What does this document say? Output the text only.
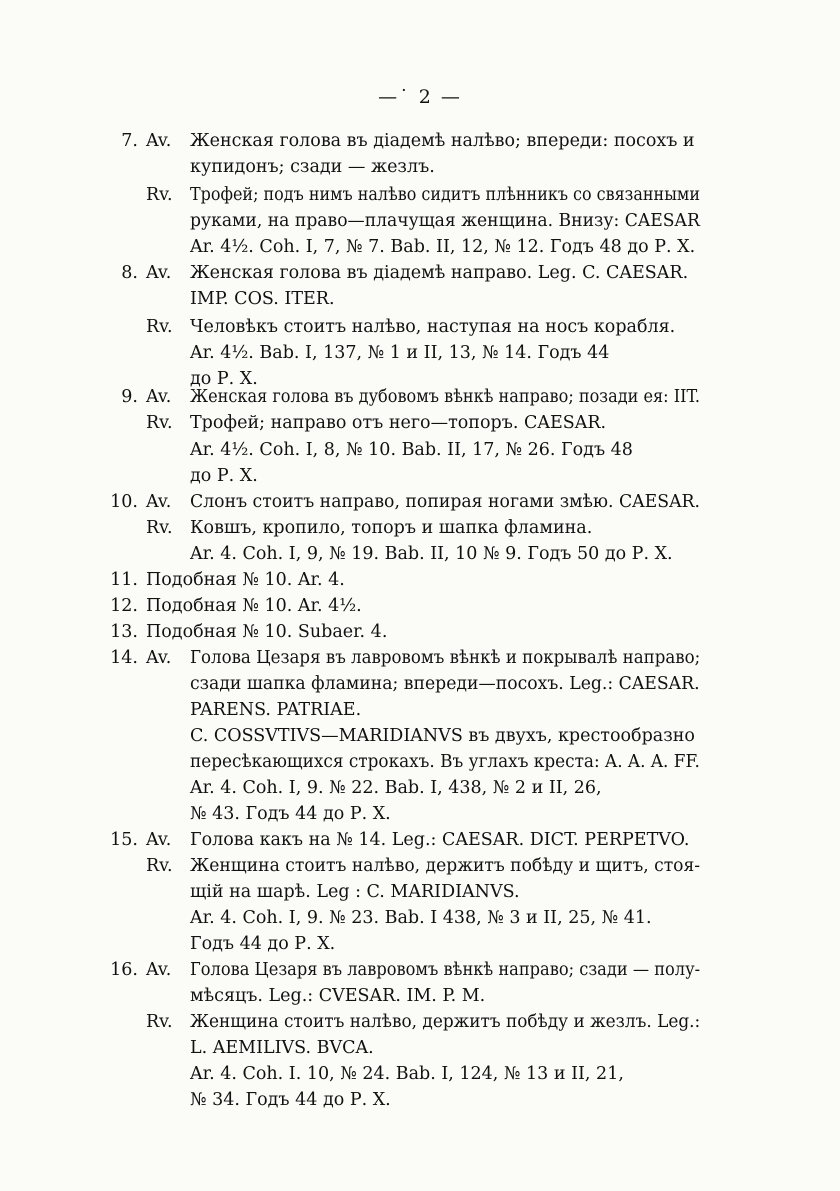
—˙ 2 —
7. Av. Женская голова въ діадемѣ налѣво; впереди: посохъ и
купидонъ; сзади — жезлъ.
Rv. Трофей; подъ нимъ налѣво сидитъ плѣнникъ со связанными
руками, на право—плачущая женщина. Внизу: CAESAR
Ar. 4½. Coh. I, 7, № 7. Bab. II, 12, № 12. Годъ 48 до Р. X.
8. Av. Женская голова въ діадемѣ направо. Leg. C. CAESAR.
IMP. COS. ITER.
Rv. Человѣкъ стоитъ налѣво, наступая на носъ корабля.
Ar. 4½. Bab. I, 137, № 1 и II, 13, № 14. Годъ 44
до Р. X.
9. Av. Женская голова въ дубовомъ вѣнкѣ направо; позади ея: IIT.
Rv. Трофей; направо отъ него—топоръ. CAESAR.
Ar. 4½. Coh. I, 8, № 10. Bab. II, 17, № 26. Годъ 48
до Р. X.
10. Av. Слонъ стоитъ направо, попирая ногами змѣю. CAESAR.
Rv. Ковшъ, кропило, топоръ и шапка фламина.
Ar. 4. Coh. I, 9, № 19. Bab. II, 10 № 9. Годъ 50 до Р. X.
11. Подобная № 10. Ar. 4.
12. Подобная № 10. Ar. 4½.
13. Подобная № 10. Subaer. 4.
14. Av. Голова Цезаря въ лавровомъ вѣнкѣ и покрывалѣ направо;
сзади шапка фламина; впереди—посохъ. Leg.: CAESAR.
PARENS. PATRIAE.
C. COSSVTIVS—MARIDIANVS въ двухъ, крестообразно
пересѣкающихся строкахъ. Въ углахъ креста: A. A. A. FF.
Ar. 4. Coh. I, 9. № 22. Bab. I, 438, № 2 и II, 26,
№ 43. Годъ 44 до Р. X.
15. Av. Голова какъ на № 14. Leg.: CAESAR. DICT. PERPETVO.
Rv. Женщина стоитъ налѣво, держитъ побѣду и щитъ, стоя-
щій на шарѣ. Leg : C. MARIDIANVS.
Ar. 4. Coh. I, 9. № 23. Bab. I 438, № 3 и II, 25, № 41.
Годъ 44 до Р. X.
16. Av. Голова Цезаря въ лавровомъ вѣнкѣ направо; сзади — полу-
мѣсяцъ. Leg.: CVESAR. IM. P. M.
Rv. Женщина стоитъ налѣво, держитъ побѣду и жезлъ. Leg.:
L. AEMILIVS. BVCA.
Ar. 4. Coh. I. 10, № 24. Bab. I, 124, № 13 и II, 21,
№ 34. Годъ 44 до Р. X.
